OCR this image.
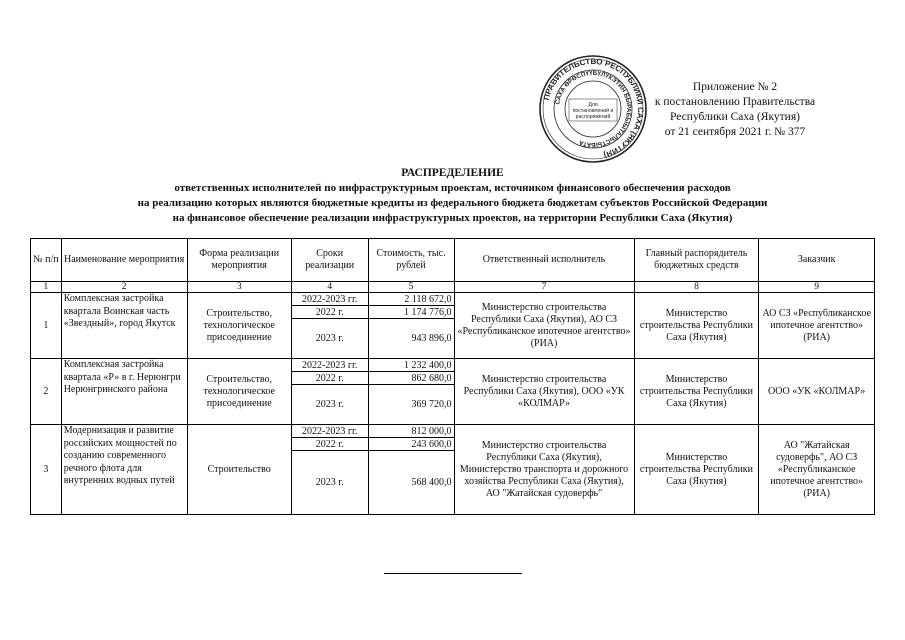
ПРАВИТЕЛЬСТВО РЕСПУБЛИКИ САХА (ЯКУТИЯ)
САХА ӨРӨСПҮҮБҮЛҮКЭТИН БЫРАБЫЫТАЛЬСТЫБАТА
Для
постановлений и
распоряжений
Приложение № 2
к постановлению Правительства
Республики Саха (Якутия)
от 21 сентября 2021 г. № 377
РАСПРЕДЕЛЕНИЕ
ответственных исполнителей по инфраструктурным проектам, источником финансового обеспечения расходов
на реализацию которых являются бюджетные кредиты из федерального бюджета бюджетам субъектов Российской Федерации
на финансовое обеспечение реализации инфраструктурных проектов, на территории Республики Саха (Якутия)
№ п/п	Наименование мероприятия	Форма реализации мероприятия	Сроки реализации	Стоимость, тыс. рублей	Ответственный исполнитель	Главный распорядитель бюджетных средств	Заказчик
1	2	3	4	5	7	8	9
1	Комплексная застройка квартала Воинская часть «Звездный», город Якутск	Строительство, технологическое присоединение	2022-2023 гг.	2 118 672,0	Министерство строительства Республики Саха (Якутия), АО СЗ «Республиканское ипотечное агентство» (РИА)	Министерство строительства Республики Саха (Якутия)	АО СЗ «Республиканское ипотечное агентство» (РИА)
			2022 г.	1 174 776,0			
			2023 г.	943 896,0			
2	Комплексная застройка квартала «Р» в г. Нерюнгри Нерюнгринского района	Строительство, технологическое присоединение	2022-2023 гг.	1 232 400,0	Министерство строительства Республики Саха (Якутия), ООО «УК «КОЛМАР»	Министерство строительства Республики Саха (Якутия)	ООО «УК «КОЛМАР»
			2022 г.	862 680,0			
			2023 г.	369 720,0			
3	Модернизация и развитие российских мощностей по созданию современного речного флота для внутренних водных путей	Строительство	2022-2023 гг.	812 000,0	Министерство строительства Республики Саха (Якутия), Министерство транспорта и дорожного хозяйства Республики Саха (Якутия), АО "Жатайская судоверфь"	Министерство строительства Республики Саха (Якутия)	АО "Жатайская судоверфь", АО СЗ «Республиканское ипотечное агентство» (РИА)
			2022 г.	243 600,0			
			2023 г.	568 400,0			
